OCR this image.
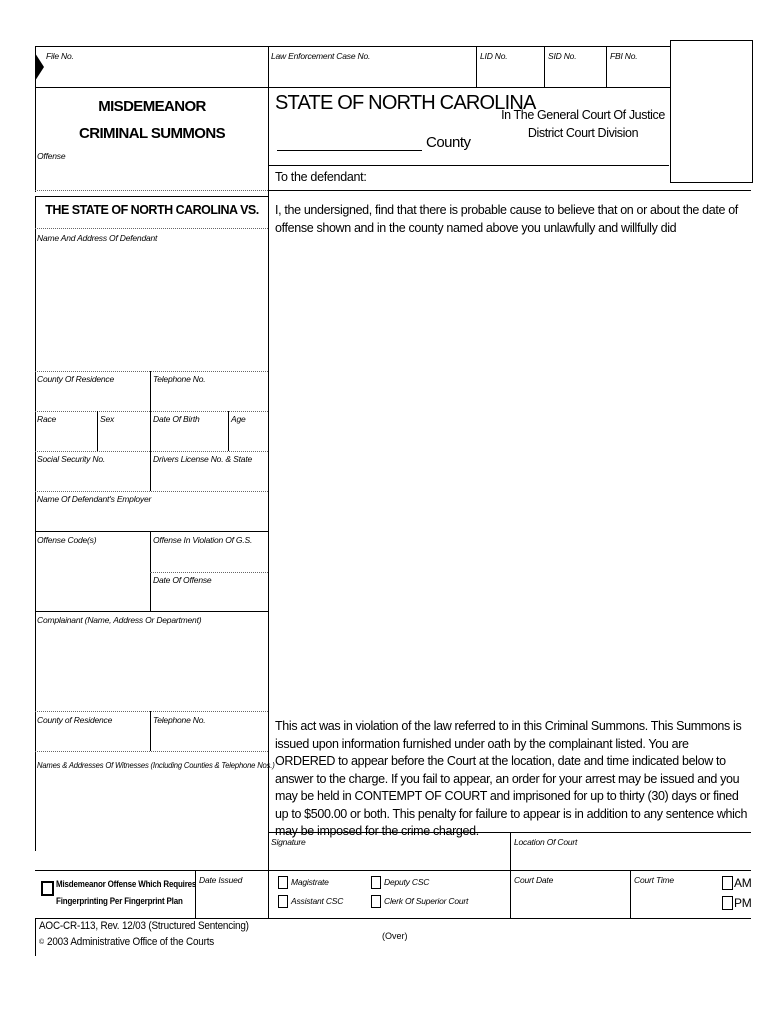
File No.	Law Enforcement Case No.	LID No.	SID No.	FBI No.
MISDEMEANOR
CRIMINAL SUMMONS
Offense
STATE OF NORTH CAROLINA
County
In The General Court Of Justice
District Court Division
THE STATE OF NORTH CAROLINA VS.
Name And Address Of Defendant
County Of Residence	Telephone No.
Race	Sex	Date Of Birth	Age
Social Security No.	Drivers License No. & State
Name Of Defendant's Employer
Offense Code(s)	Offense In Violation Of G.S.
Date Of Offense
Complainant (Name, Address Or Department)
County of Residence	Telephone No.
Names & Addresses Of Witnesses (Including Counties & Telephone Nos.)
To the defendant:
I, the undersigned, find that there is probable cause to believe that on or about the date of offense shown and in the county named above you unlawfully and willfully did
This act was in violation of the law referred to in this Criminal Summons. This Summons is issued upon information furnished under oath by the complainant listed. You are ORDERED to appear before the Court at the location, date and time indicated below to answer to the charge. If you fail to appear, an order for your arrest may be issued and you may be held in CONTEMPT OF COURT and imprisoned for up to thirty (30) days or fined up to $500.00 or both. This penalty for failure to appear is in addition to any sentence which may be imposed for the crime charged.
Signature	Location Of Court
Misdemeanor Offense Which Requires
Fingerprinting Per Fingerprint Plan
Date Issued	Magistrate
Assistant CSC
Deputy CSC
Clerk Of Superior Court
Court Date	Court Time	AM
PM
AOC-CR-113, Rev. 12/03 (Structured Sentencing)
© 2003 Administrative Office of the Courts	(Over)
